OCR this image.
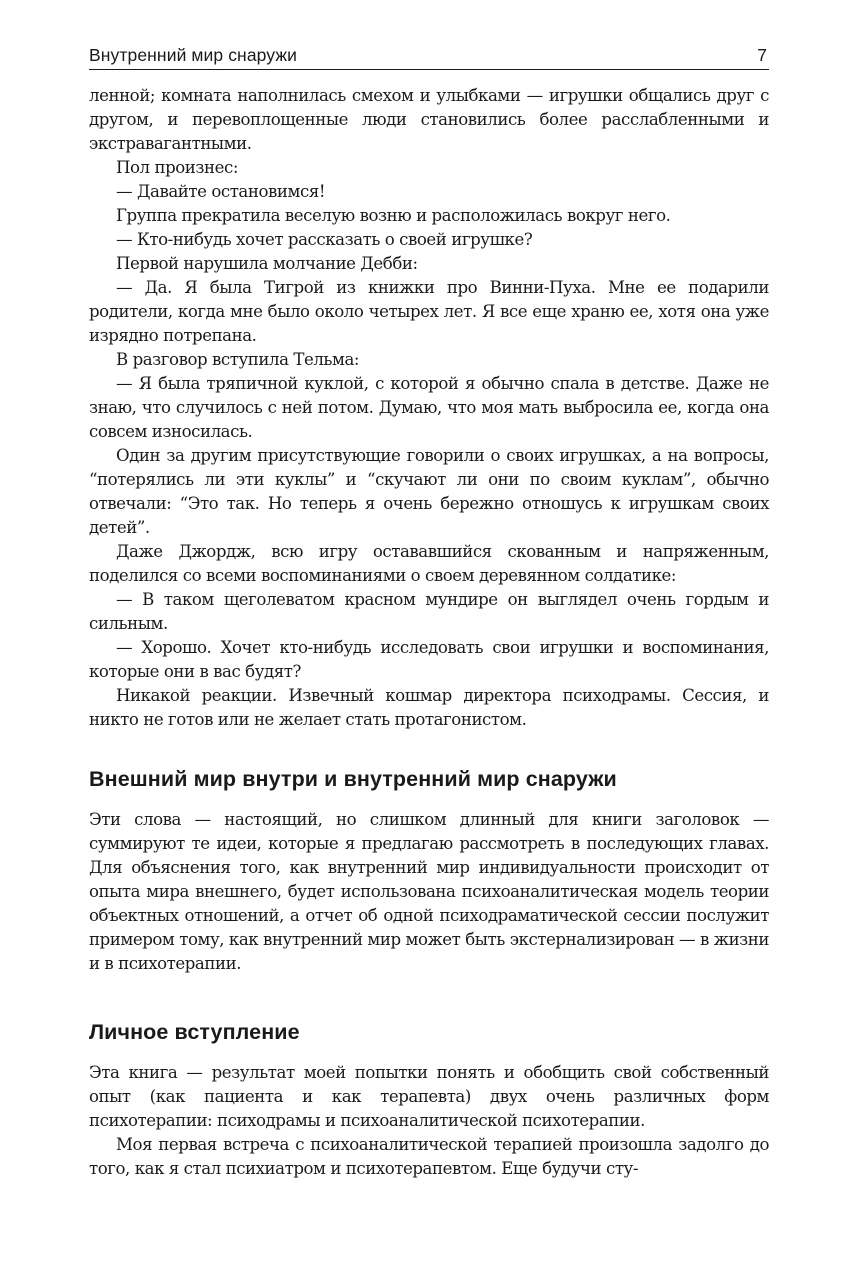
Внутренний мир снаружи	7

ленной; комната наполнилась смехом и улыбками — игрушки общались друг с другом, и перевоплощенные люди становились более расслабленными и экстравагантными.

Пол произнес:

— Давайте остановимся!

Группа прекратила веселую возню и расположилась вокруг него.

— Кто-нибудь хочет рассказать о своей игрушке?

Первой нарушила молчание Дебби:

— Да. Я была Тигрой из книжки про Винни-Пуха. Мне ее подарили родители, когда мне было около четырех лет. Я все еще храню ее, хотя она уже изрядно потрепана.

В разговор вступила Тельма:

— Я была тряпичной куклой, с которой я обычно спала в детстве. Даже не знаю, что случилось с ней потом. Думаю, что моя мать выбросила ее, когда она совсем износилась.

Один за другим присутствующие говорили о своих игрушках, а на вопросы, “потерялись ли эти куклы” и “скучают ли они по своим куклам”, обычно отвечали: “Это так. Но теперь я очень бережно отношусь к игрушкам своих детей”.

Даже Джордж, всю игру остававшийся скованным и напряженным, поделился со всеми воспоминаниями о своем деревянном солдатике:

— В таком щеголеватом красном мундире он выглядел очень гордым и сильным.

— Хорошо. Хочет кто-нибудь исследовать свои игрушки и воспоминания, которые они в вас будят?

Никакой реакции. Извечный кошмар директора психодрамы. Сессия, и никто не готов или не желает стать протагонистом.

Внешний мир внутри и внутренний мир снаружи

Эти слова — настоящий, но слишком длинный для книги заголовок — суммируют те идеи, которые я предлагаю рассмотреть в последующих главах. Для объяснения того, как внутренний мир индивидуальности происходит от опыта мира внешнего, будет использована психоаналитическая модель теории объектных отношений, а отчет об одной психодраматической сессии послужит примером тому, как внутренний мир может быть экстернализирован — в жизни и в психотерапии.

Личное вступление

Эта книга — результат моей попытки понять и обобщить свой собственный опыт (как пациента и как терапевта) двух очень различных форм психотерапии: психодрамы и психоаналитической психотерапии.

Моя первая встреча с психоаналитической терапией произошла задолго до того, как я стал психиатром и психотерапевтом. Еще будучи сту-
